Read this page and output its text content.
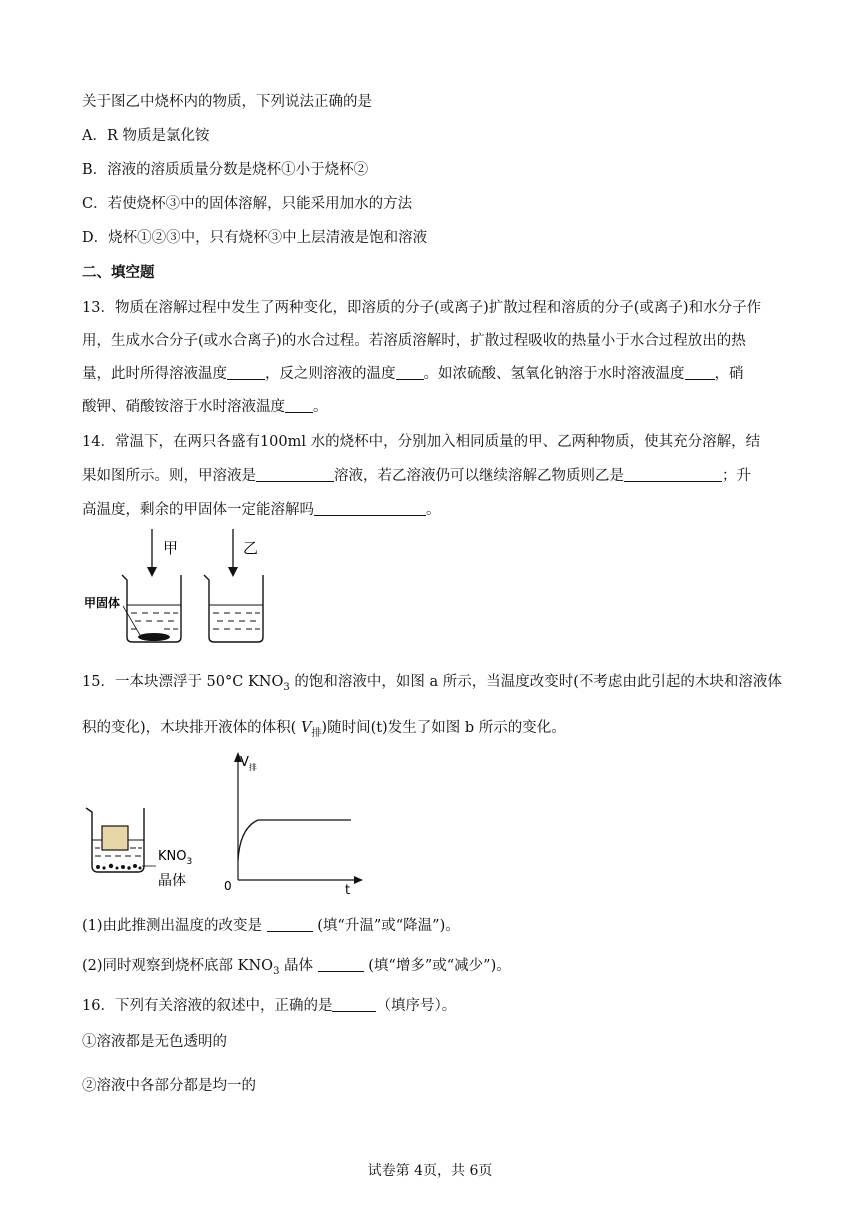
关于图乙中烧杯内的物质，下列说法正确的是
A．R 物质是氯化铵
B．溶液的溶质质量分数是烧杯①小于烧杯②
C．若使烧杯③中的固体溶解，只能采用加水的方法
D．烧杯①②③中，只有烧杯③中上层清液是饱和溶液
二、填空题
13．物质在溶解过程中发生了两种变化，即溶质的分子(或离子)扩散过程和溶质的分子(或离子)和水分子作
用，生成水合分子(或水合离子)的水合过程。若溶质溶解时，扩散过程吸收的热量小于水合过程放出的热
量，此时所得溶液温度	，反之则溶液的温度 。如浓硫酸、氢氧化钠溶于水时溶液温度 ，硝
酸钾、硝酸铵溶于水时溶液温度 。
14．常温下，在两只各盛有100ml 水的烧杯中，分别加入相同质量的甲、乙两种物质，使其充分溶解，结
果如图所示。则，甲溶液是	溶液，若乙溶液仍可以继续溶解乙物质则乙是	；升
高温度，剩余的甲固体一定能溶解吗	。
甲	乙
甲固体
15．一本块漂浮于 50°C $KNO_3$ 的饱和溶液中，如图 a 所示，当温度改变时(不考虑由此引起的木块和溶液体
积的变化)，木块排开液体的体积( $V_排$)随时间(t)发生了如图 b 所示的变化。
$KNO_3$
晶体
$V_排$
0	t
(1)由此推测出温度的改变是	(填“升温”或“降温”)。
(2)同时观察到烧杯底部 $KNO_3$ 晶体	(填“增多”或“减少”)。
16．下列有关溶液的叙述中，正确的是	（填序号）。
①溶液都是无色透明的
②溶液中各部分都是均一的
试卷第 4页，共 6页
